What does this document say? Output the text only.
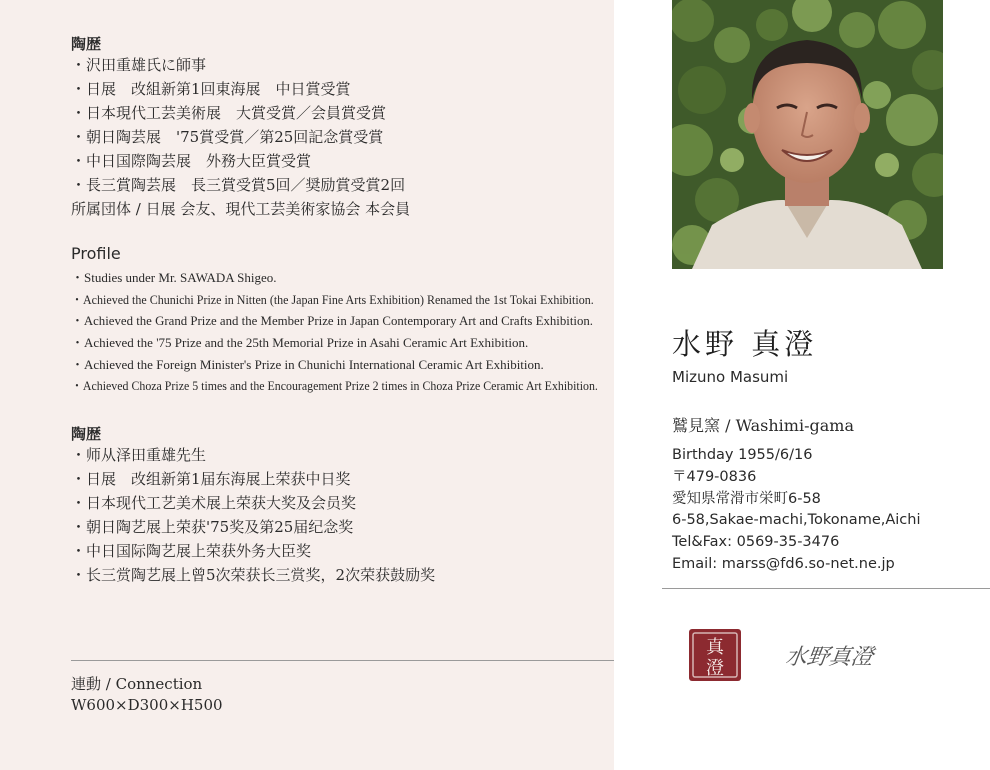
陶歴
・沢田重雄氏に師事
・日展　改組新第1回東海展　中日賞受賞
・日本現代工芸美術展　大賞受賞／会員賞受賞
・朝日陶芸展　'75賞受賞／第25回記念賞受賞
・中日国際陶芸展　外務大臣賞受賞
・長三賞陶芸展　長三賞受賞5回／奨励賞受賞2回
所属団体 / 日展 会友、現代工芸美術家協会 本会員
Profile
・Studies under Mr. SAWADA Shigeo.
・Achieved the Chunichi Prize in Nitten (the Japan Fine Arts Exhibition) Renamed the 1st Tokai Exhibition.
・Achieved the Grand Prize and the Member Prize in Japan Contemporary Art and Crafts Exhibition.
・Achieved the '75 Prize and the 25th Memorial Prize in Asahi Ceramic Art Exhibition.
・Achieved the Foreign Minister's Prize in Chunichi International Ceramic Art Exhibition.
・Achieved Choza Prize 5 times and the Encouragement Prize 2 times in Choza Prize Ceramic Art Exhibition.
陶歴
・师从泽田重雄先生
・日展　改组新第1届东海展上荣获中日奖
・日本现代工艺美术展上荣获大奖及会员奖
・朝日陶艺展上荣获'75奖及第25届纪念奖
・中日国际陶艺展上荣获外务大臣奖
・长三赏陶艺展上曾5次荣获长三赏奖，2次荣获鼓励奖
連動 / Connection
W600×D300×H500
水野 真澄
Mizuno Masumi
鷲見窯 / Washimi-gama
Birthday 1955/6/16
〒479-0836
愛知県常滑市栄町6-58
6-58,Sakae-machi,Tokoname,Aichi
Tel&Fax: 0569-35-3476
Email: marss@fd6.so-net.ne.jp
真
澄	水野真澄
